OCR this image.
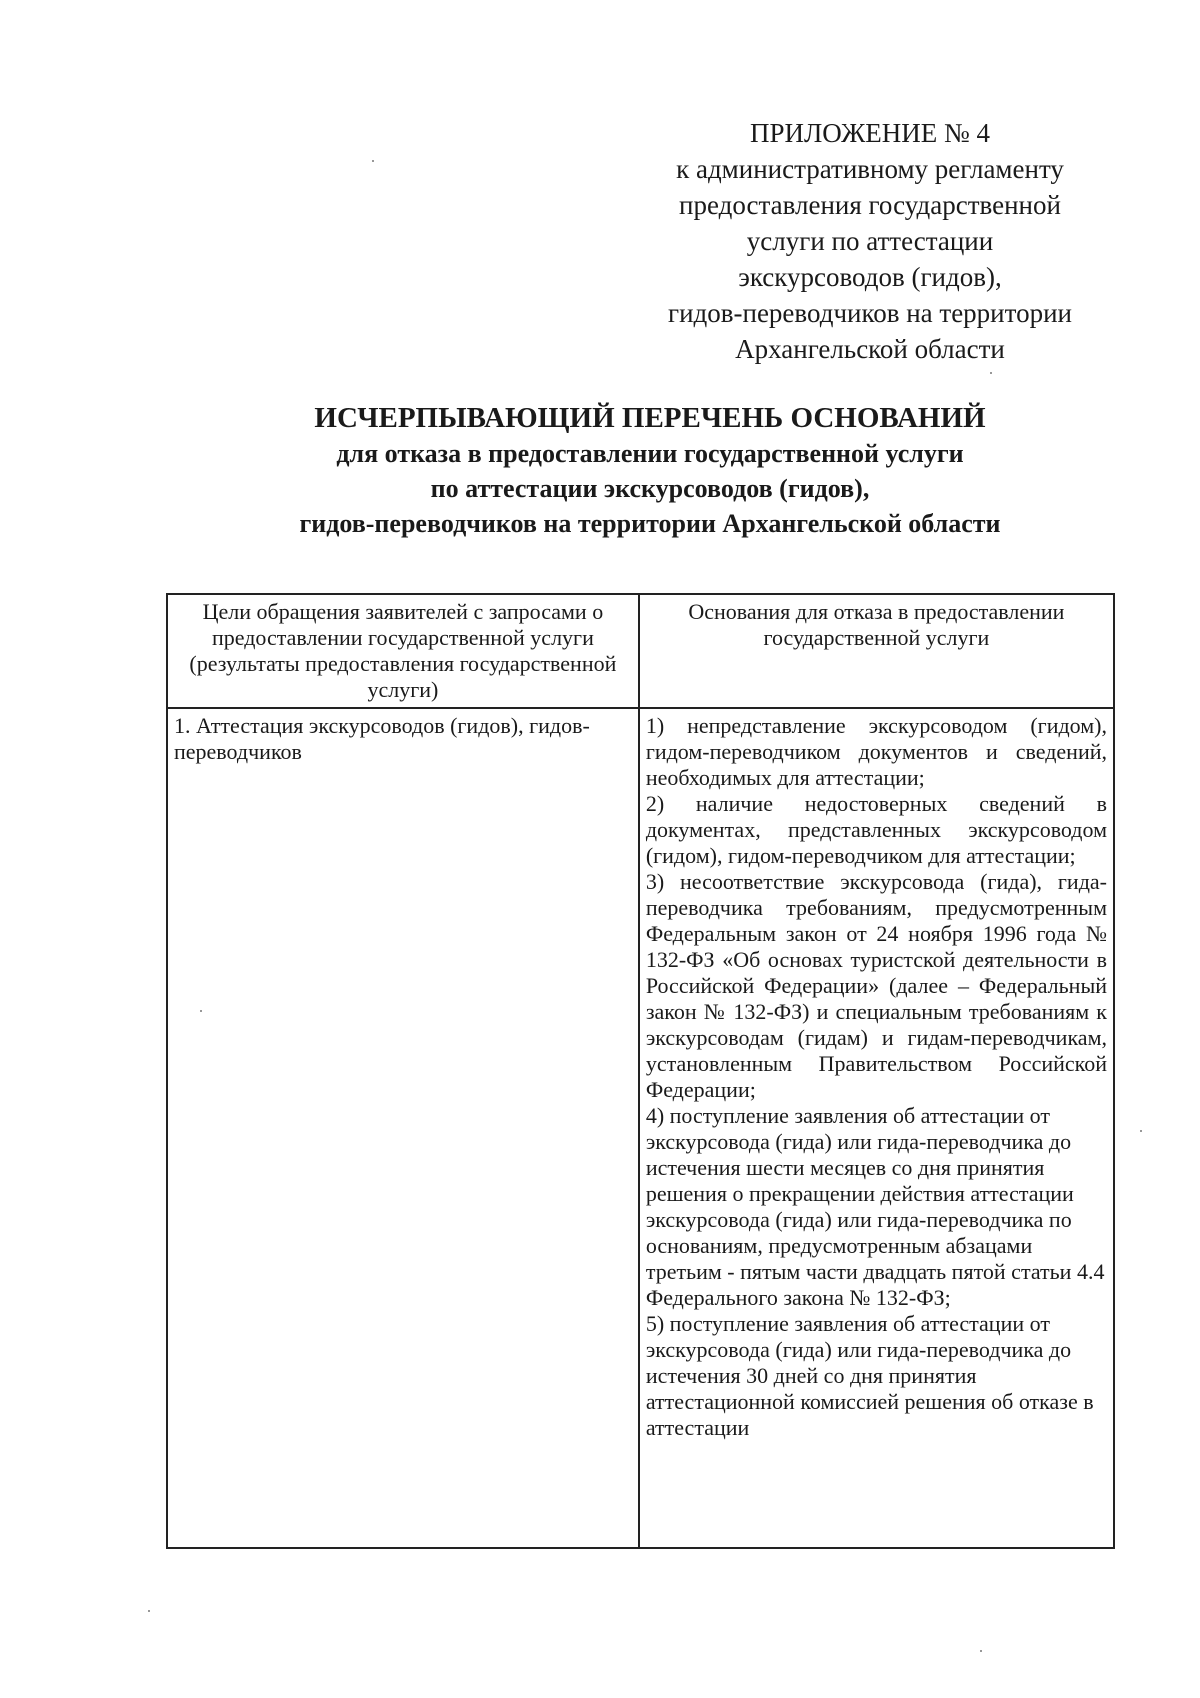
ПРИЛОЖЕНИЕ № 4
к административному регламенту
предоставления государственной
услуги по аттестации
экскурсоводов (гидов),
гидов-переводчиков на территории
Архангельской области
ИСЧЕРПЫВАЮЩИЙ ПЕРЕЧЕНЬ ОСНОВАНИЙ
для отказа в предоставлении государственной услуги
по аттестации экскурсоводов (гидов),
гидов-переводчиков на территории Архангельской области
Цели обращения заявителей с запросами о предоставлении государственной услуги (результаты предоставления государственной услуги)	Основания для отказа в предоставлении государственной услуги

1. Аттестация экскурсоводов (гидов), гидов-переводчиков	1) непредставление экскурсоводом (гидом), гидом-переводчиком документов и сведений, необходимых для аттестации;
2) наличие недостоверных сведений в документах, представленных экскурсоводом (гидом), гидом-переводчиком для аттестации;
3) несоответствие экскурсовода (гида), гида-переводчика требованиям, предусмотренным Федеральным закон от 24 ноября 1996 года № 132-ФЗ «Об основах туристской деятельности в Российской Федерации» (далее – Федеральный закон № 132-ФЗ) и специальным требованиям к экскурсоводам (гидам) и гидам-переводчикам, установленным Правительством Российской Федерации;
4) поступление заявления об аттестации от экскурсовода (гида) или гида-переводчика до истечения шести месяцев со дня принятия решения о прекращении действия аттестации экскурсовода (гида) или гида-переводчика по основаниям, предусмотренным абзацами третьим - пятым части двадцать пятой статьи 4.4 Федерального закона № 132-ФЗ;
5) поступление заявления об аттестации от экскурсовода (гида) или гида-переводчика до истечения 30 дней со дня принятия аттестационной комиссией решения об отказе в аттестации
